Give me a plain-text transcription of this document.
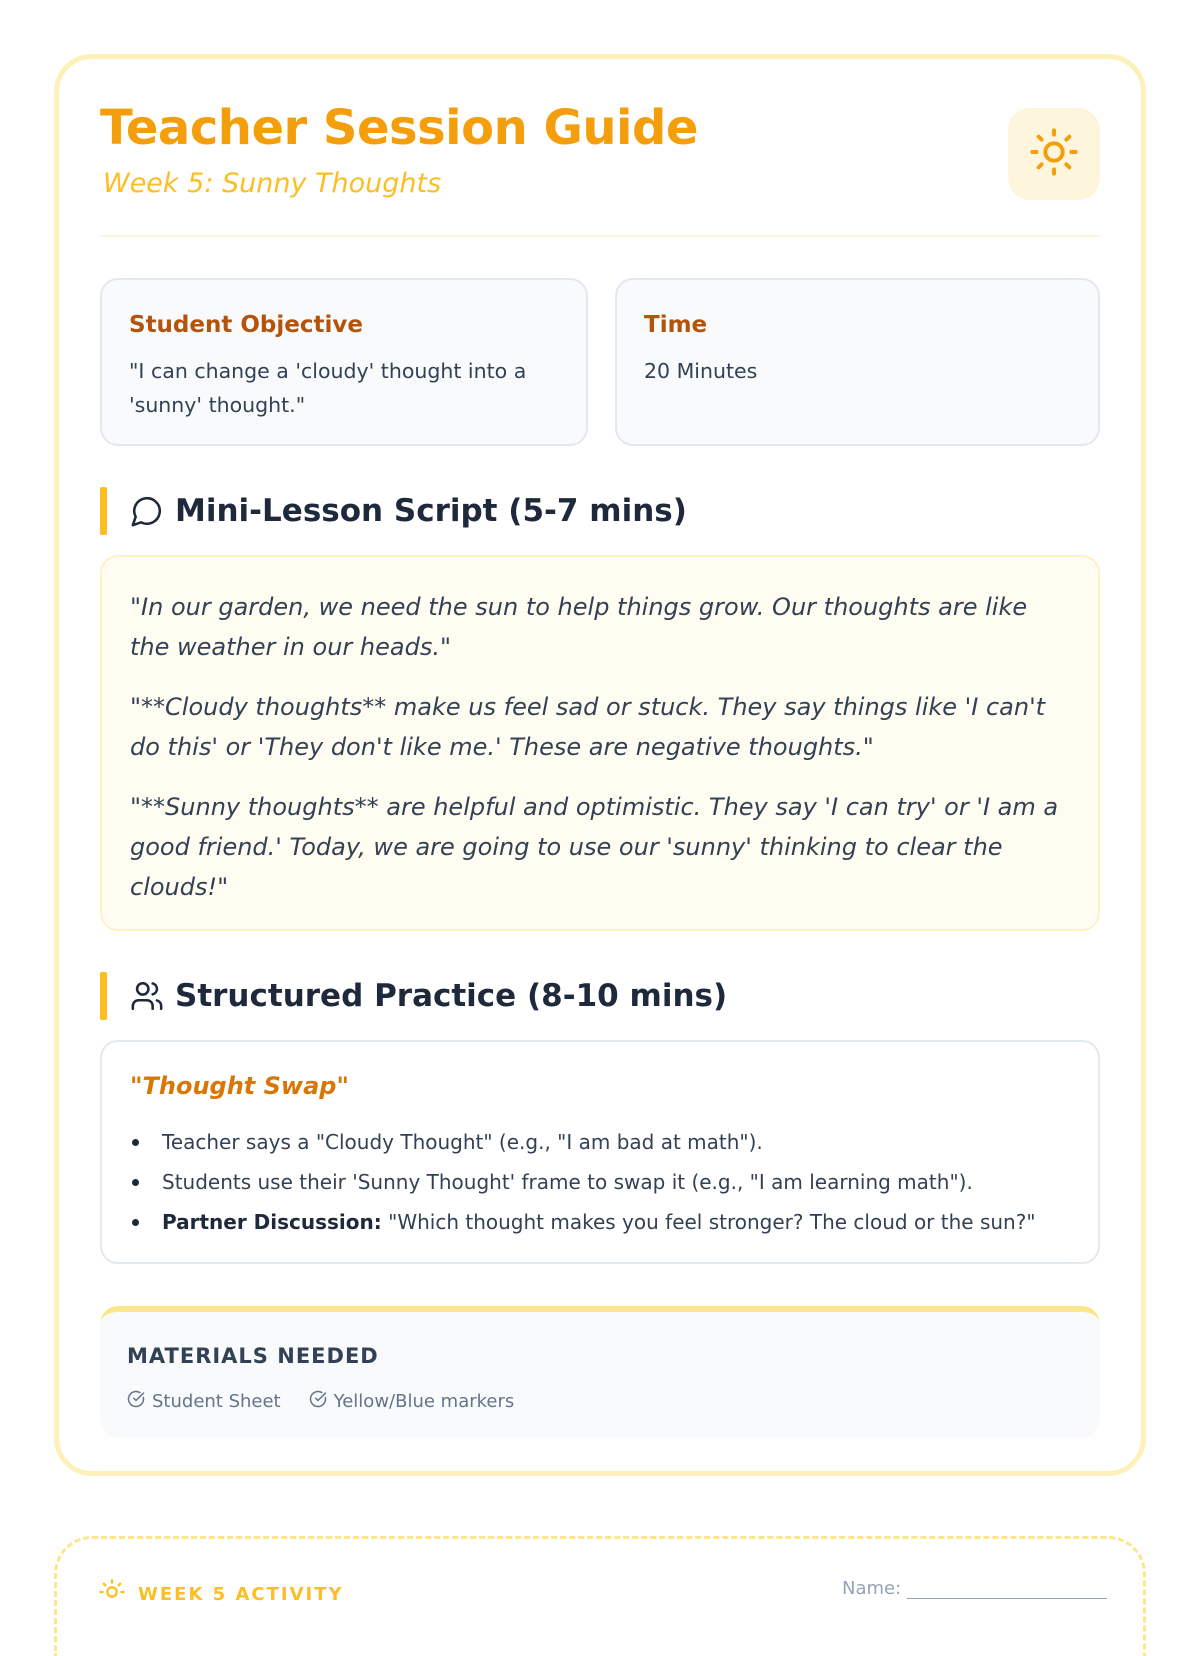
Teacher Session Guide

Week 5: Sunny Thoughts

Student Objective
"I can change a 'cloudy' thought into a 'sunny' thought."
Time
20 Minutes
Mini-Lesson Script (5-7 mins)

"In our garden, we need the sun to help things grow. Our thoughts are like the weather in our heads."

"**Cloudy thoughts** make us feel sad or stuck. They say things like 'I can't do this' or 'They don't like me.' These are negative thoughts."

"**Sunny thoughts** are helpful and optimistic. They say 'I can try' or 'I am a good friend.' Today, we are going to use our 'sunny' thinking to clear the clouds!"

Structured Practice (8-10 mins)
"Thought Swap"
Teacher says a "Cloudy Thought" (e.g., "I am bad at math").
Students use their 'Sunny Thought' frame to swap it (e.g., "I am learning math").
Partner Discussion: "Which thought makes you feel stronger? The cloud or the sun?"
MATERIALS NEEDED
Student Sheet	Yellow/Blue markers
WEEK 5 ACTIVITY	Name:
